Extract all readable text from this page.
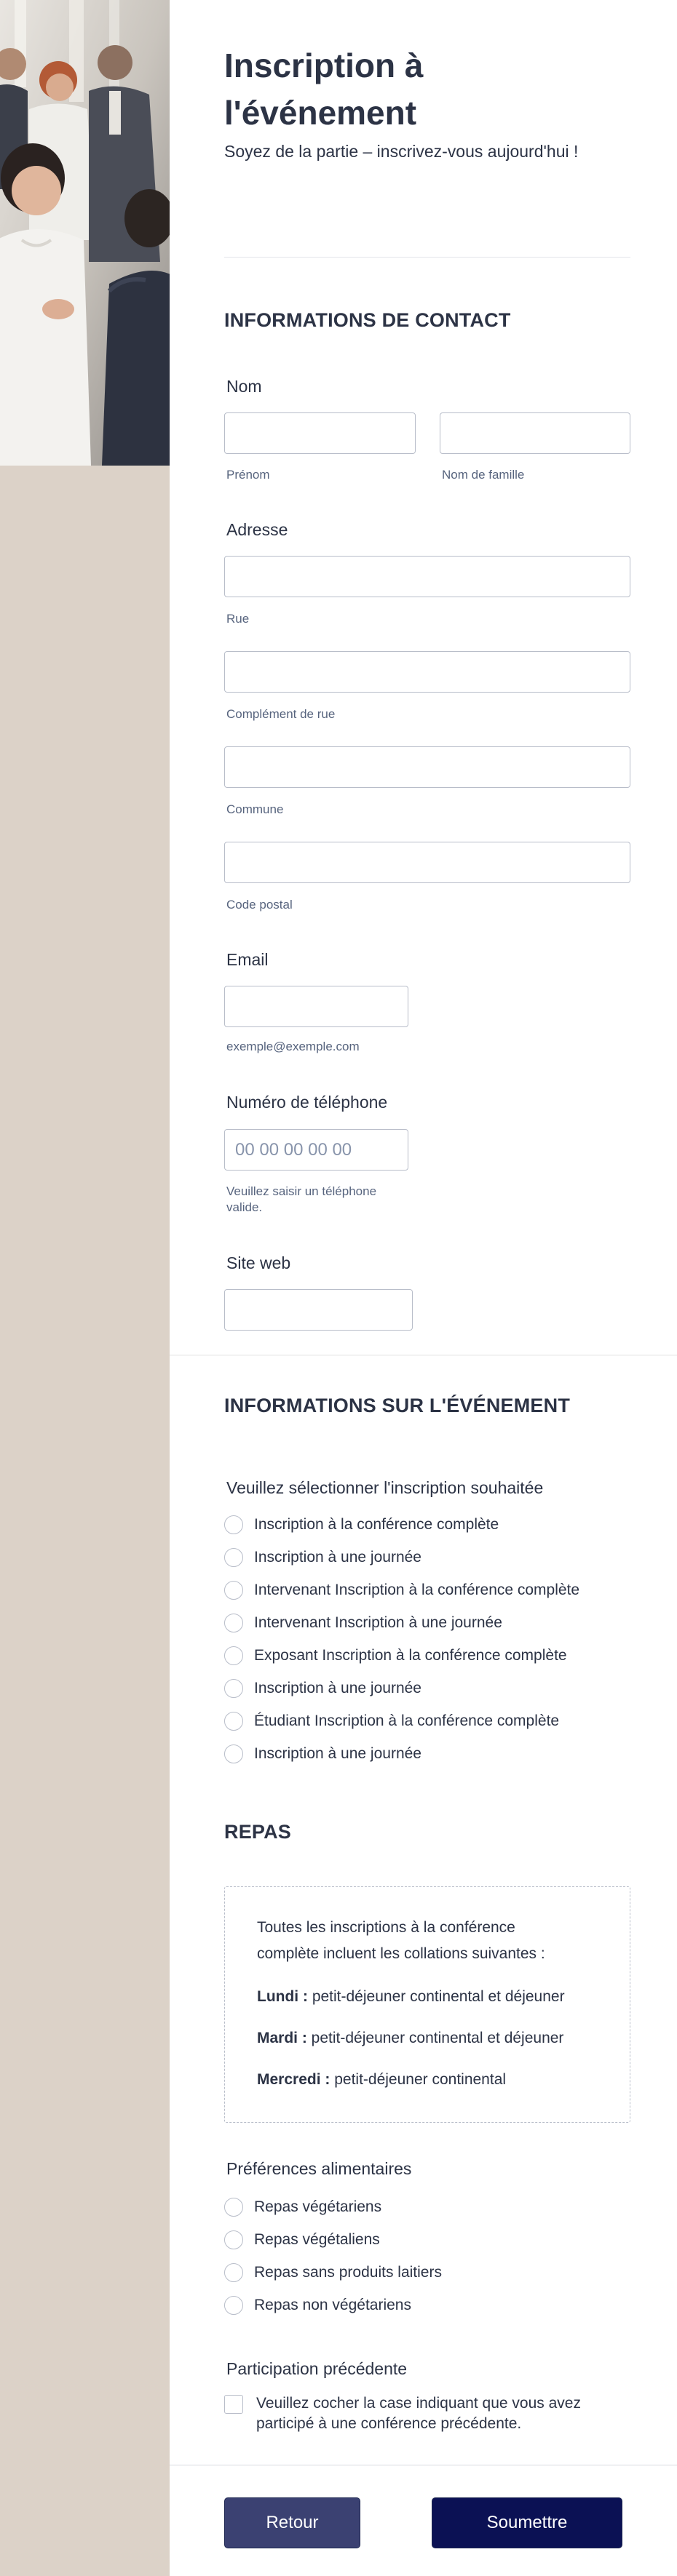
Inscription à l'événement
Soyez de la partie – inscrivez-vous aujourd'hui !
INFORMATIONS DE CONTACT
Nom
Prénom	Nom de famille
Adresse
Rue
Complément de rue
Commune
Code postal
Email
exemple@exemple.com
Numéro de téléphone
00 00 00 00 00
Veuillez saisir un téléphone
valide.
Site web
INFORMATIONS SUR L'ÉVÉNEMENT
Veuillez sélectionner l'inscription souhaitée
Inscription à la conférence complète
Inscription à une journée
Intervenant Inscription à la conférence complète
Intervenant Inscription à une journée
Exposant Inscription à la conférence complète
Inscription à une journée
Étudiant Inscription à la conférence complète
Inscription à une journée
REPAS
Toutes les inscriptions à la conférence
complète incluent les collations suivantes :
Lundi : petit-déjeuner continental et déjeuner
Mardi : petit-déjeuner continental et déjeuner
Mercredi : petit-déjeuner continental
Préférences alimentaires
Repas végétariens
Repas végétaliens
Repas sans produits laitiers
Repas non végétariens
Participation précédente
Veuillez cocher la case indiquant que vous avez
participé à une conférence précédente.
Retour	Soumettre
